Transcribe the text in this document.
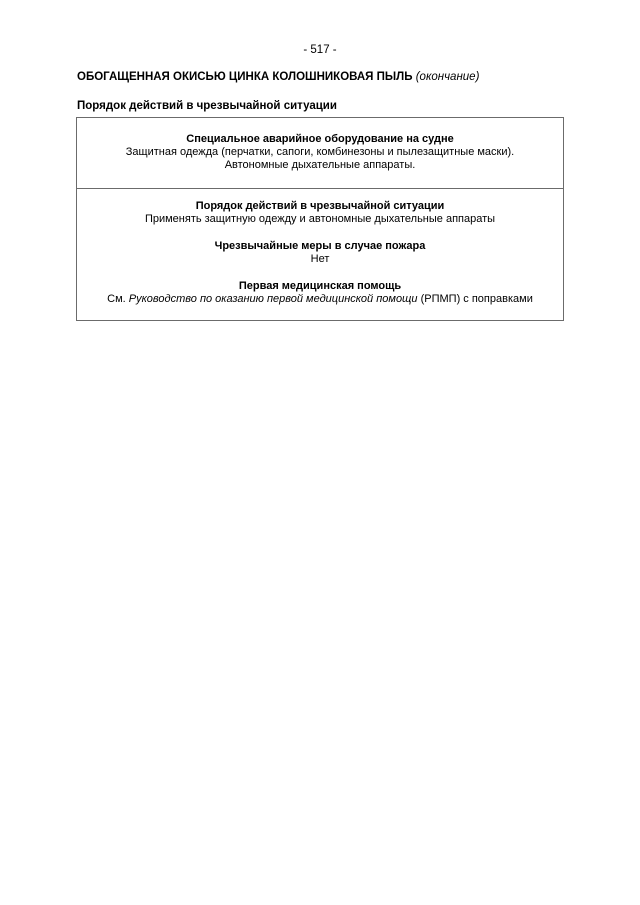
- 517 -
ОБОГАЩЕННАЯ ОКИСЬЮ ЦИНКА КОЛОШНИКОВАЯ ПЫЛЬ (окончание)
Порядок действий в чрезвычайной ситуации
Специальное аварийное оборудование на судне
Защитная одежда (перчатки, сапоги, комбинезоны и пылезащитные маски).
Автономные дыхательные аппараты.
Порядок действий в чрезвычайной ситуации
Применять защитную одежду и автономные дыхательные аппараты
Чрезвычайные меры в случае пожара
Нет
Первая медицинская помощь
См. Руководство по оказанию первой медицинской помощи (РПМП) с поправками
